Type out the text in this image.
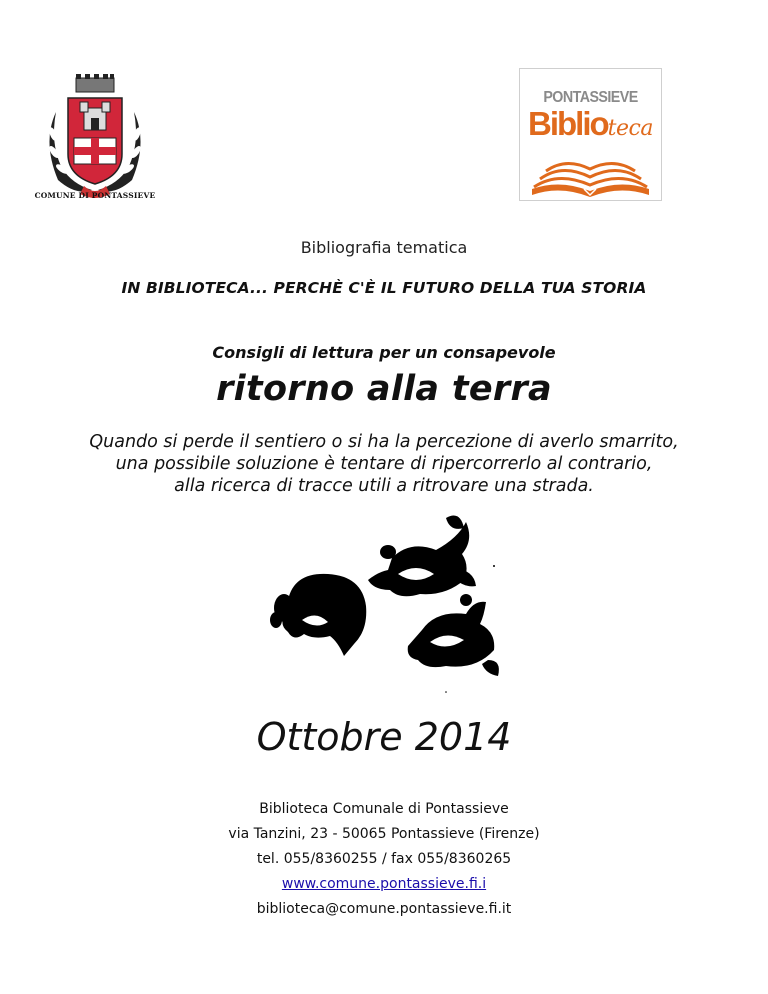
COMUNE DI PONTASSIEVE
PONTASSIEVE
Biblioteca
Bibliografia tematica
IN BIBLIOTECA... PERCHÈ C'È IL FUTURO DELLA TUA STORIA
Consigli di lettura per un consapevole
ritorno alla terra
Quando si perde il sentiero o si ha la percezione di averlo smarrito,
una possibile soluzione è tentare di ripercorrerlo al contrario,
alla ricerca di tracce utili a ritrovare una strada.
Ottobre 2014
Biblioteca Comunale di Pontassieve
via Tanzini, 23 - 50065 Pontassieve (Firenze)
tel. 055/8360255 / fax 055/8360265
www.comune.pontassieve.fi.i
biblioteca@comune.pontassieve.fi.it
